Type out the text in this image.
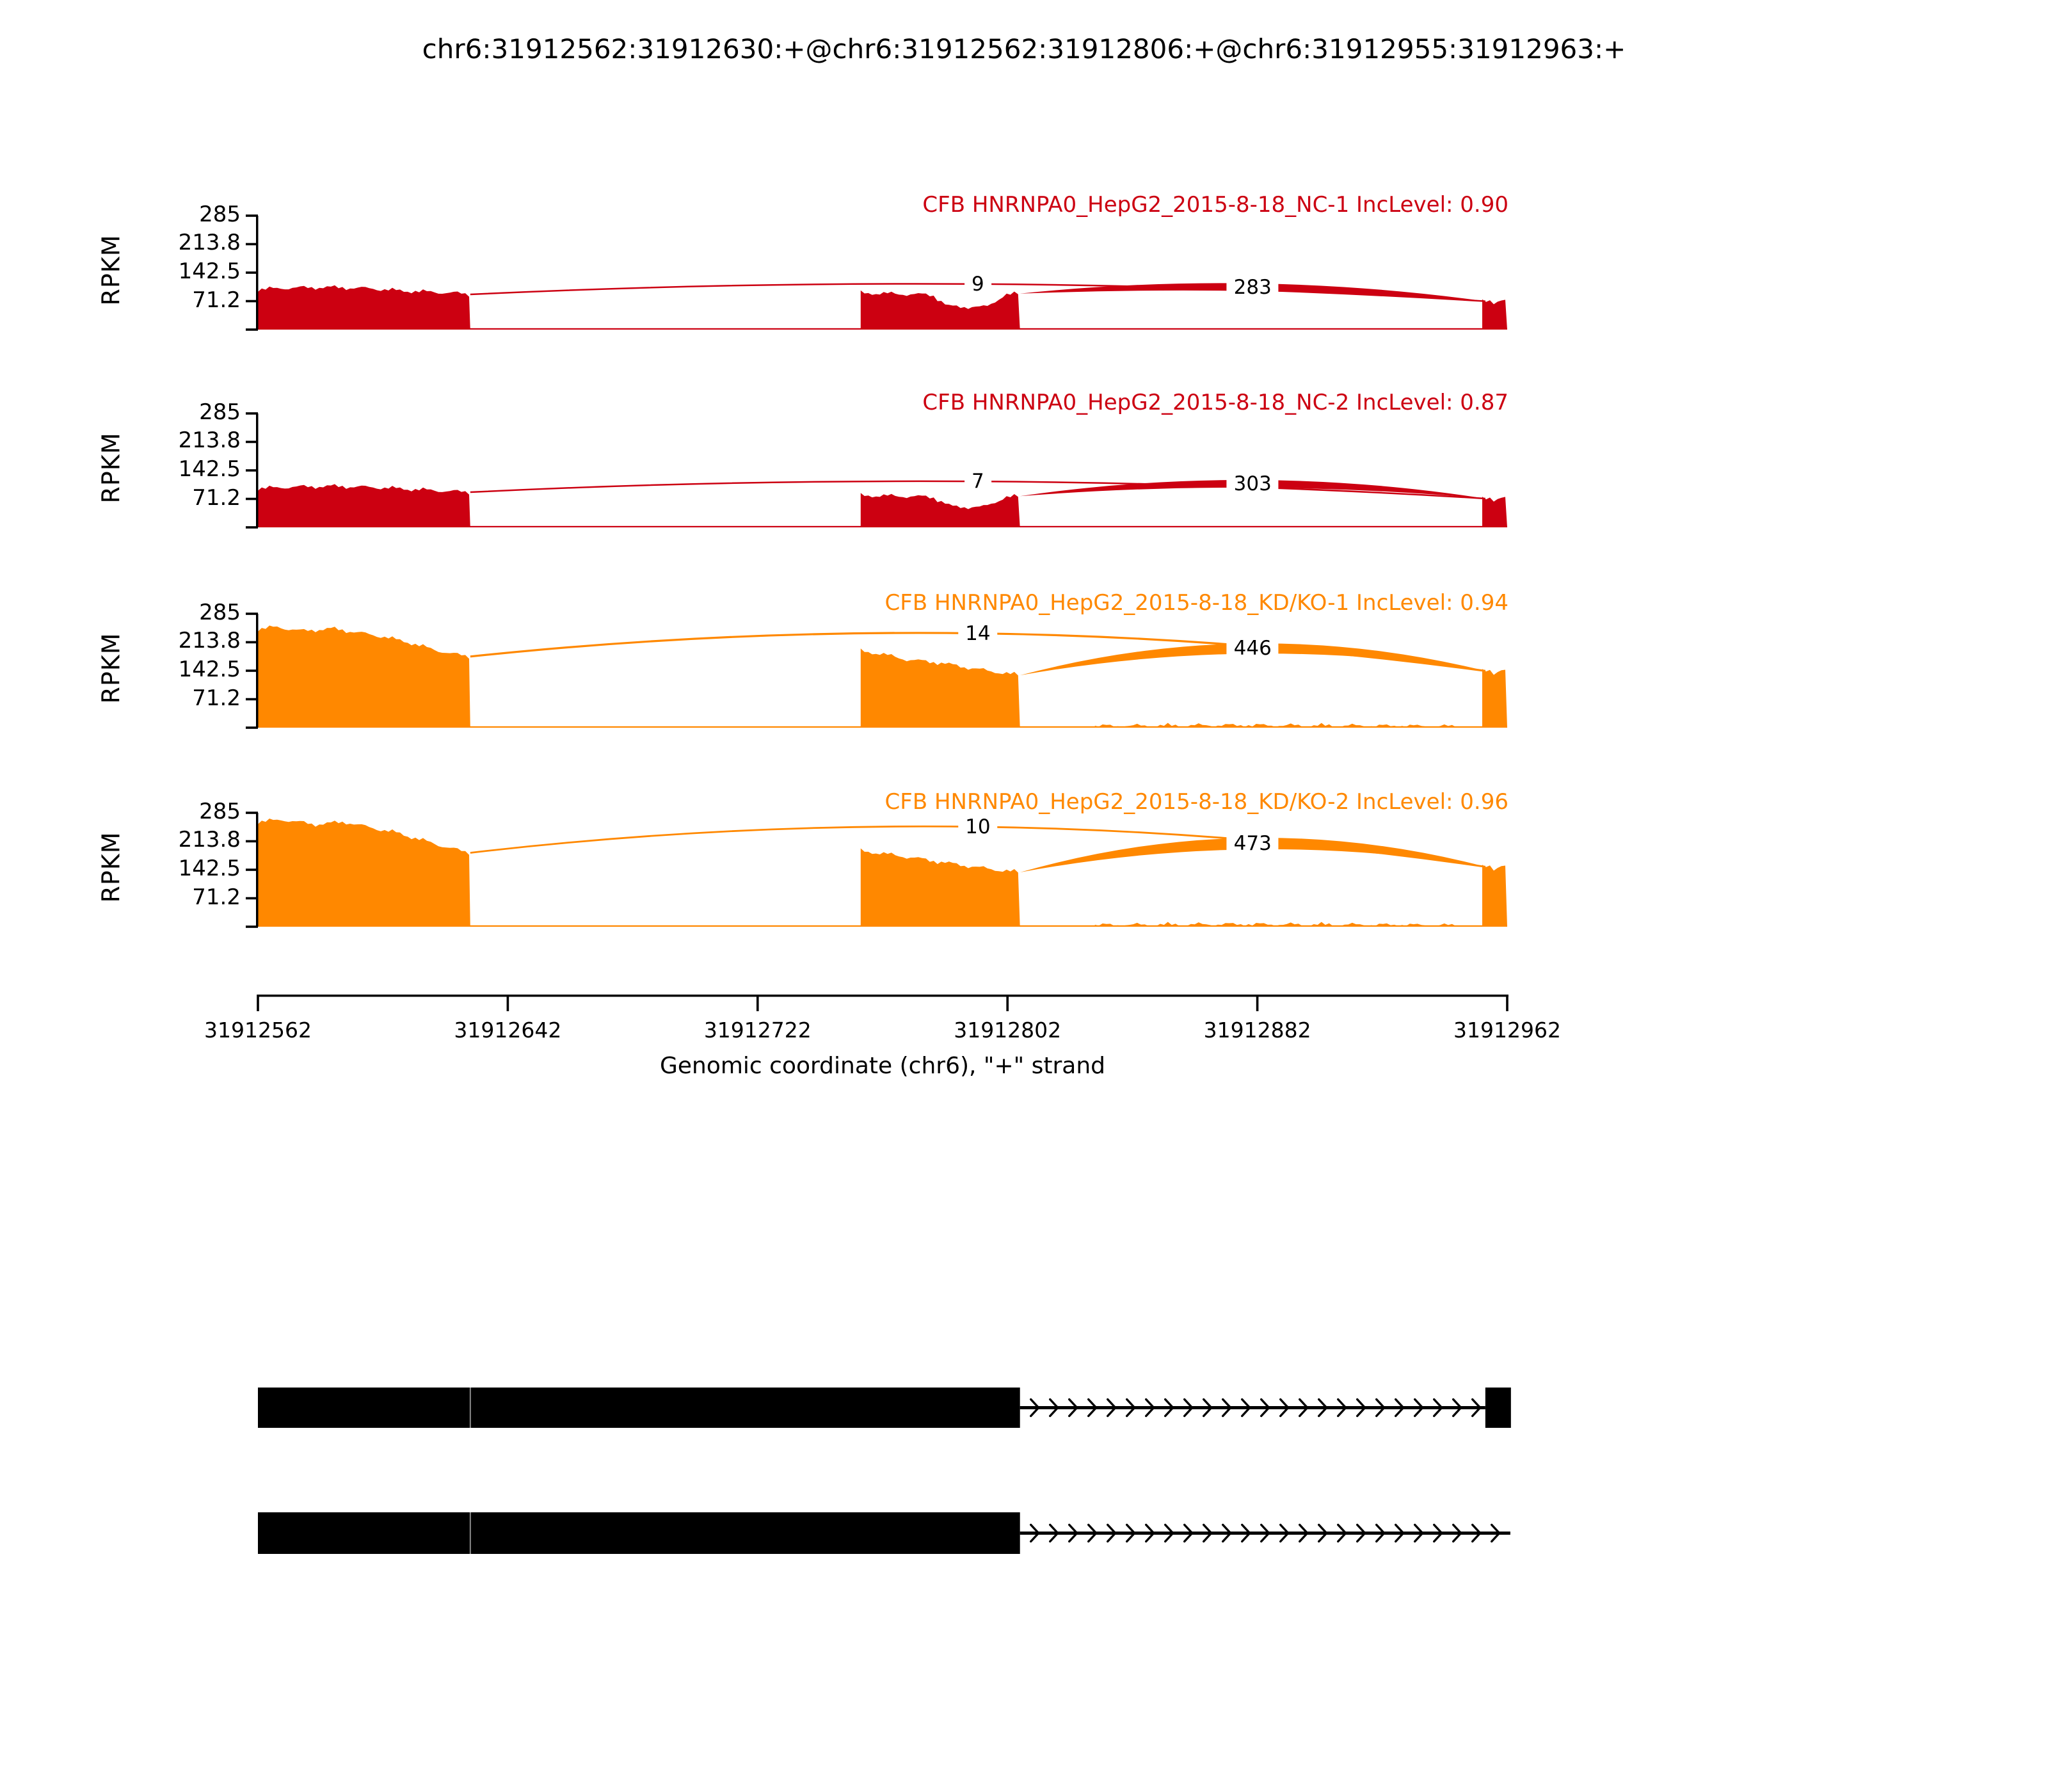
chr6:31912562:31912630:+@chr6:31912562:31912806:+@chr6:31912955:31912963:+
285
213.8
142.5
71.2
RPKM
CFB HNRNPA0_HepG2_2015-8-18_NC-1 IncLevel: 0.90
9	283
285
213.8
142.5
71.2
RPKM
CFB HNRNPA0_HepG2_2015-8-18_NC-2 IncLevel: 0.87
7	303
285
213.8
142.5
71.2
RPKM
CFB HNRNPA0_HepG2_2015-8-18_KD/KO-1 IncLevel: 0.94
14
446
285
213.8
142.5
71.2
RPKM
CFB HNRNPA0_HepG2_2015-8-18_KD/KO-2 IncLevel: 0.96
10
473
31912562	31912642	31912722	31912802	31912882	31912962
Genomic coordinate (chr6), "+" strand
